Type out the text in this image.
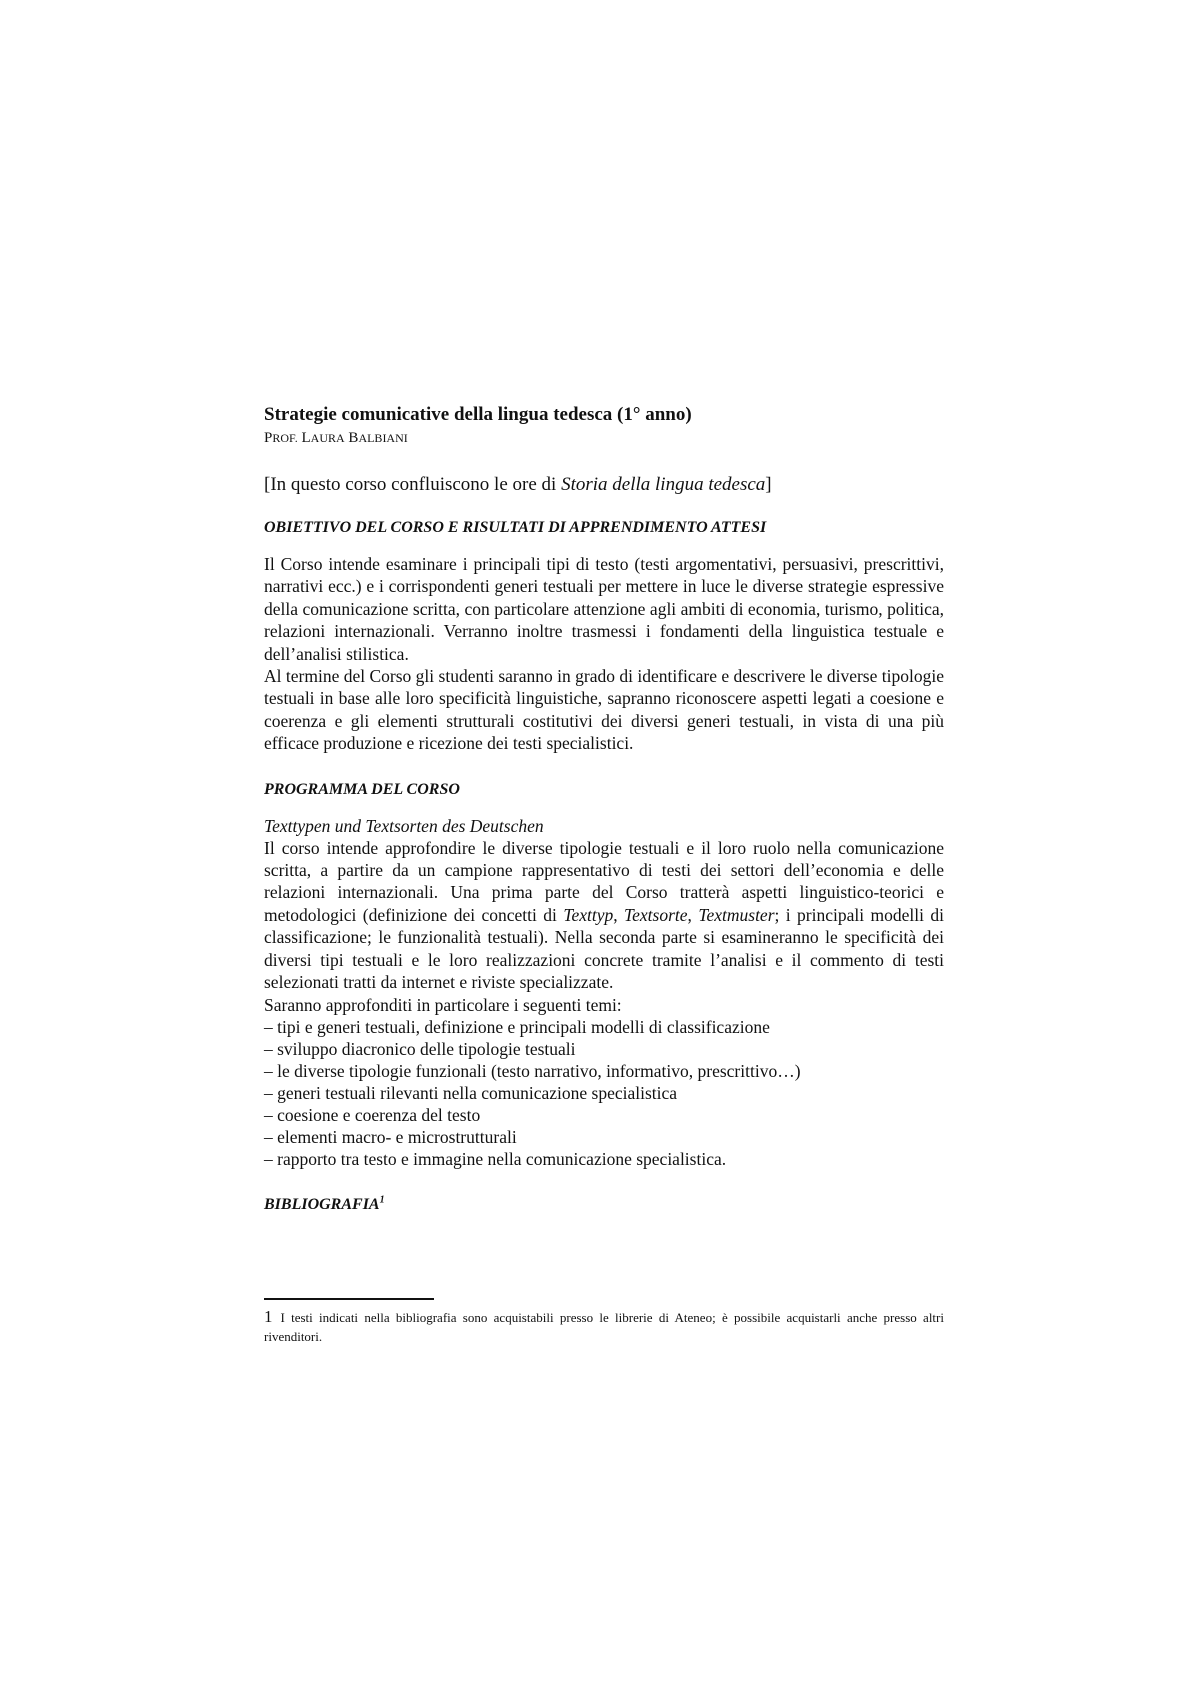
Strategie comunicative della lingua tedesca (1° anno)

PROF. LAURA BALBIANI

[In questo corso confluiscono le ore di Storia della lingua tedesca]

OBIETTIVO DEL CORSO E RISULTATI DI APPRENDIMENTO ATTESI

Il Corso intende esaminare i principali tipi di testo (testi argomentativi, persuasivi, prescrittivi, narrativi ecc.) e i corrispondenti generi testuali per mettere in luce le diverse strategie espressive della comunicazione scritta, con particolare attenzione agli ambiti di economia, turismo, politica, relazioni internazionali. Verranno inoltre trasmessi i fondamenti della linguistica testuale e dell’analisi stilistica.

Al termine del Corso gli studenti saranno in grado di identificare e descrivere le diverse tipologie testuali in base alle loro specificità linguistiche, sapranno riconoscere aspetti legati a coesione e coerenza e gli elementi strutturali costitutivi dei diversi generi testuali, in vista di una più efficace produzione e ricezione dei testi specialistici.

PROGRAMMA DEL CORSO

Texttypen und Textsorten des Deutschen

Il corso intende approfondire le diverse tipologie testuali e il loro ruolo nella comunicazione scritta, a partire da un campione rappresentativo di testi dei settori dell’economia e delle relazioni internazionali. Una prima parte del Corso tratterà aspetti linguistico-teorici e metodologici (definizione dei concetti di Texttyp, Textsorte, Textmuster; i principali modelli di classificazione; le funzionalità testuali). Nella seconda parte si esamineranno le specificità dei diversi tipi testuali e le loro realizzazioni concrete tramite l’analisi e il commento di testi selezionati tratti da internet e riviste specializzate.

Saranno approfonditi in particolare i seguenti temi:

– tipi e generi testuali, definizione e principali modelli di classificazione
– sviluppo diacronico delle tipologie testuali
– le diverse tipologie funzionali (testo narrativo, informativo, prescrittivo…)
– generi testuali rilevanti nella comunicazione specialistica
– coesione e coerenza del testo
– elementi macro- e microstrutturali
– rapporto tra testo e immagine nella comunicazione specialistica.

BIBLIOGRAFIA$^1$

1 I testi indicati nella bibliografia sono acquistabili presso le librerie di Ateneo; è possibile acquistarli anche presso altri rivenditori.
